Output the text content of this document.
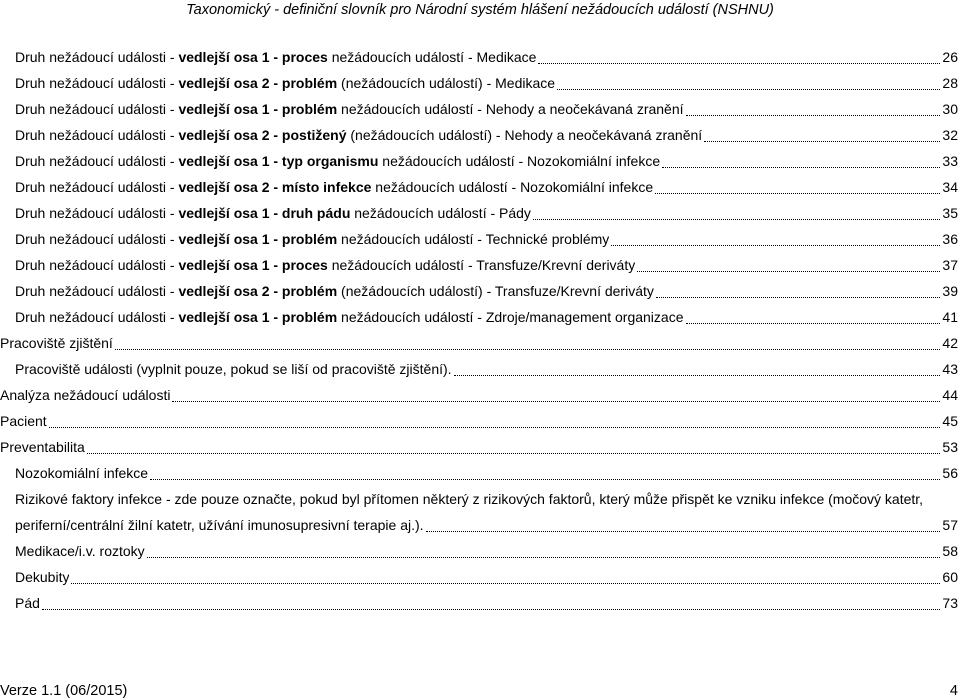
Taxonomický - definiční slovník pro Národní systém hlášení nežádoucích událostí (NSHNU)
Druh nežádoucí události - vedlejší osa 1 - proces nežádoucích událostí - Medikace	26
Druh nežádoucí události - vedlejší osa 2 - problém (nežádoucích událostí) - Medikace	28
Druh nežádoucí události - vedlejší osa 1 - problém nežádoucích událostí - Nehody a neočekávaná zranění	30
Druh nežádoucí události - vedlejší osa 2 - postižený (nežádoucích událostí) - Nehody a neočekávaná zranění	32
Druh nežádoucí události - vedlejší osa 1 - typ organismu nežádoucích událostí - Nozokomiální infekce	33
Druh nežádoucí události - vedlejší osa 2 - místo infekce nežádoucích událostí - Nozokomiální infekce	34
Druh nežádoucí události - vedlejší osa 1 - druh pádu nežádoucích událostí - Pády	35
Druh nežádoucí události - vedlejší osa 1 - problém nežádoucích událostí - Technické problémy	36
Druh nežádoucí události - vedlejší osa 1 - proces nežádoucích událostí - Transfuze/Krevní deriváty	37
Druh nežádoucí události - vedlejší osa 2 - problém (nežádoucích událostí) - Transfuze/Krevní deriváty	39
Druh nežádoucí události - vedlejší osa 1 - problém nežádoucích událostí - Zdroje/management organizace	41
Pracoviště zjištění	42
Pracoviště události (vyplnit pouze, pokud se liší od pracoviště zjištění).	43
Analýza nežádoucí události	44
Pacient	45
Preventabilita	53
Nozokomiální infekce	56
Rizikové faktory infekce - zde pouze označte, pokud byl přítomen některý z rizikových faktorů, který může přispět ke vzniku infekce (močový katetr,
periferní/centrální žilní katetr, užívání imunosupresivní terapie aj.).	57
Medikace/i.v. roztoky	58
Dekubity	60
Pád	73
Verze 1.1 (06/2015)	4
